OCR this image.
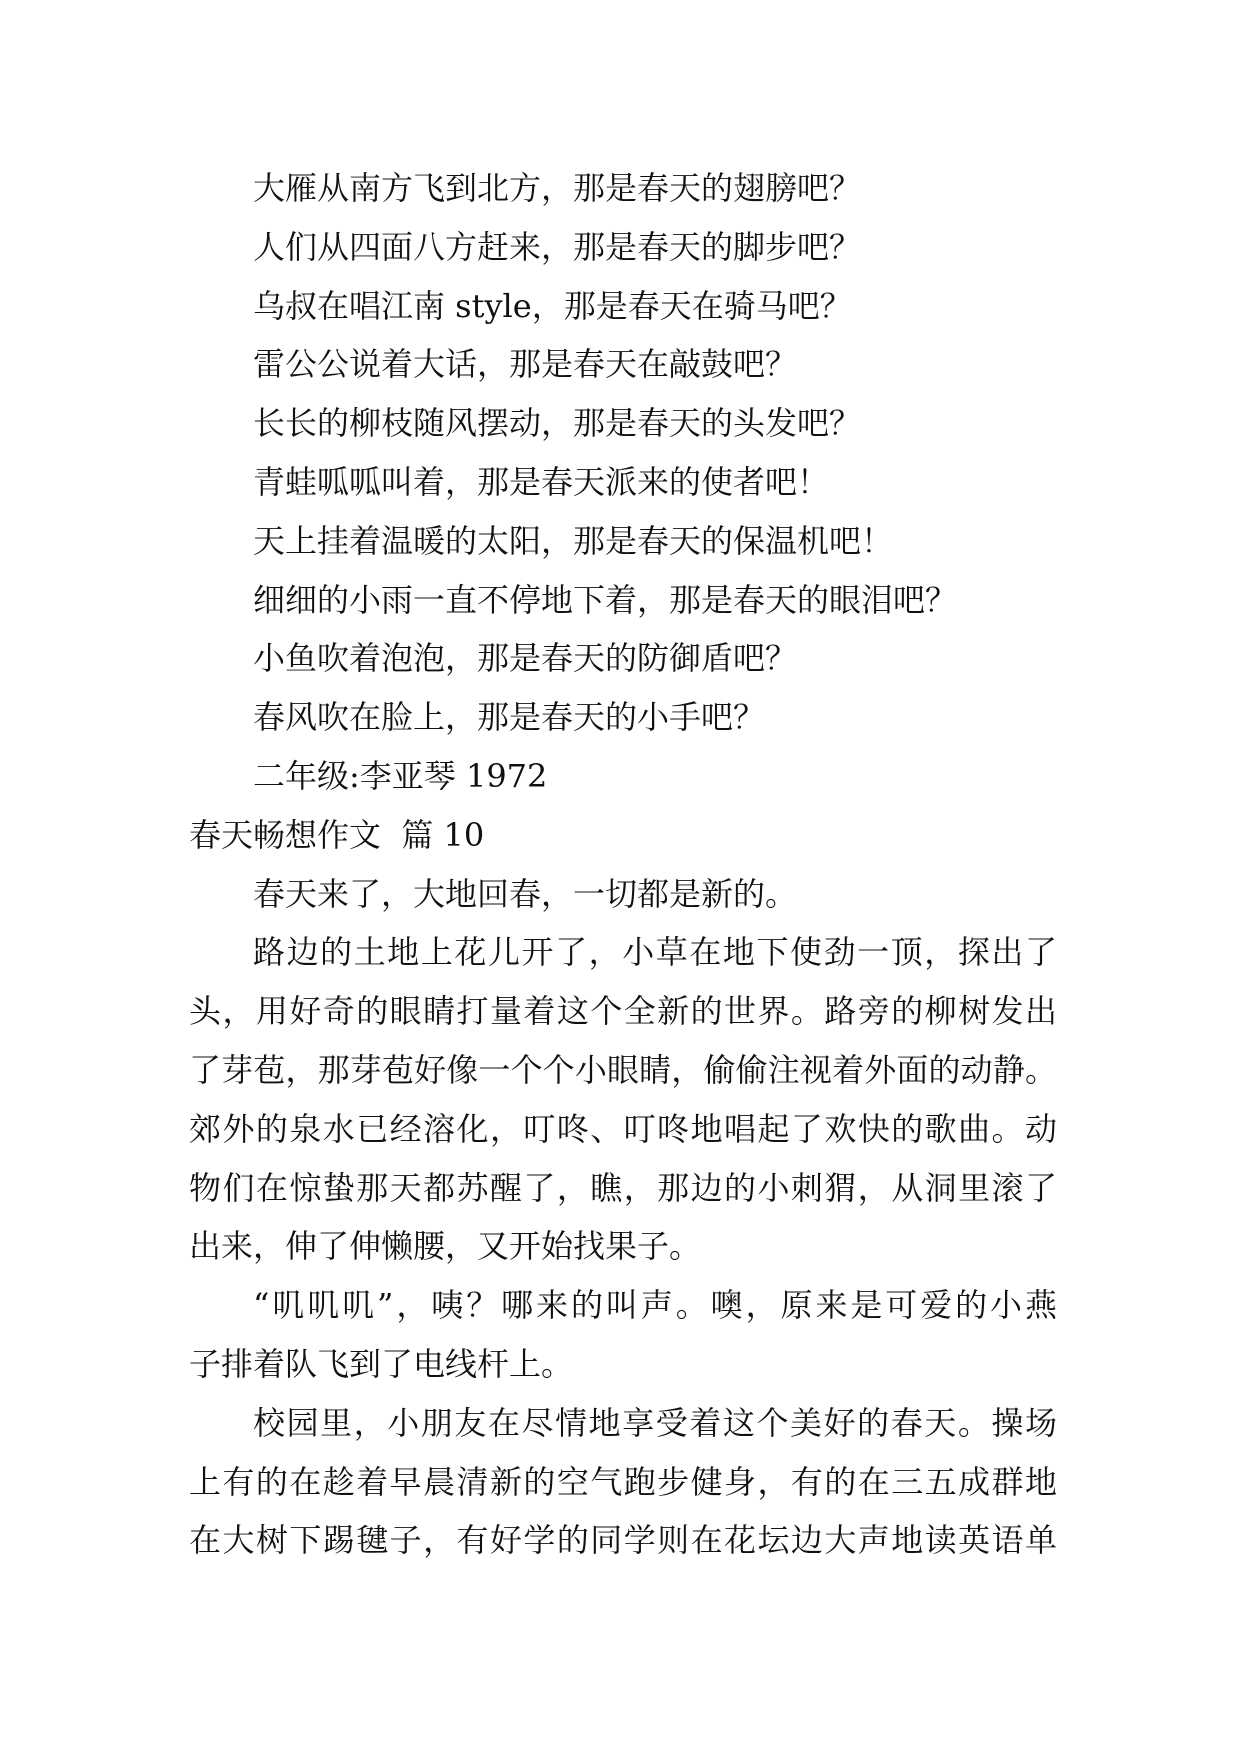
大雁从南方飞到北方，那是春天的翅膀吧？
人们从四面八方赶来，那是春天的脚步吧？
乌叔在唱江南 style，那是春天在骑马吧？
雷公公说着大话，那是春天在敲鼓吧？
长长的柳枝随风摆动，那是春天的头发吧？
青蛙呱呱叫着，那是春天派来的使者吧！
天上挂着温暖的太阳，那是春天的保温机吧！
细细的小雨一直不停地下着，那是春天的眼泪吧？
小鱼吹着泡泡，那是春天的防御盾吧？
春风吹在脸上，那是春天的小手吧？
二年级:李亚琴 1972
春天畅想作文  篇 10
春天来了，大地回春，一切都是新的。
路边的土地上花儿开了，小草在地下使劲一顶，探出了
头，用好奇的眼睛打量着这个全新的世界。路旁的柳树发出
了芽苞，那芽苞好像一个个小眼睛，偷偷注视着外面的动静。
郊外的泉水已经溶化，叮咚、叮咚地唱起了欢快的歌曲。动
物们在惊蛰那天都苏醒了，瞧，那边的小刺猬，从洞里滚了
出来，伸了伸懒腰，又开始找果子。
“叽叽叽”，咦？哪来的叫声。噢，原来是可爱的小燕
子排着队飞到了电线杆上。
校园里，小朋友在尽情地享受着这个美好的春天。操场
上有的在趁着早晨清新的空气跑步健身，有的在三五成群地
在大树下踢毽子，有好学的同学则在花坛边大声地读英语单
